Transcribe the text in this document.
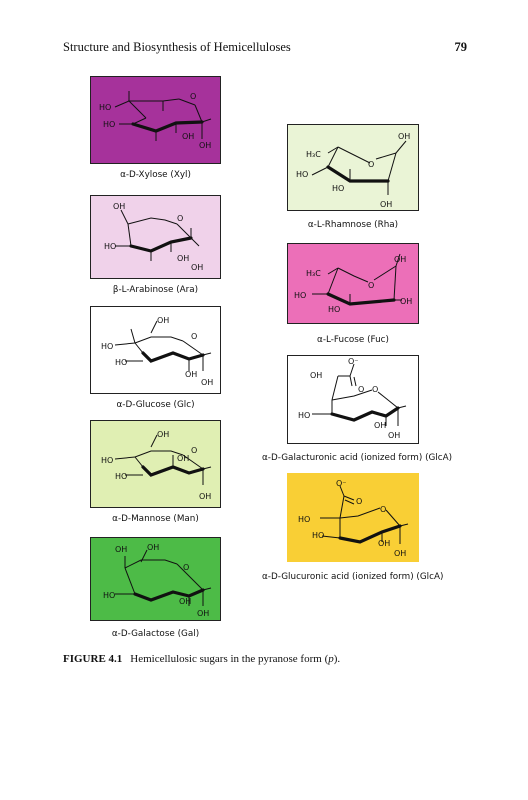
Structure and Biosynthesis of Hemicelluloses	79
HO
HO
O
OH
OH
α-D-Xylose (Xyl)
OH
HO
O
OH
OH
β-L-Arabinose (Ara)
OH
HO
HO
O
OH
OH
α-D-Glucose (Glc)
OH
HO
HO
O
OH
OH
α-D-Mannose (Man)
OH OH
HO
O
OH
OH
α-D-Galactose (Gal)
H₃C
HO
HO
O
OH
OH
α-L-Rhamnose (Rha)
H₃C
HO
HO
O
OH
OH
α-L-Fucose (Fuc)
OH
O⁻
O O
HO
OH
OH
α-D-Galacturonic acid (ionized form) (GlcA)
O⁻
O
O
HO
HO
OH
OH
α-D-Glucuronic acid (ionized form) (GlcA)
FIGURE 4.1 Hemicellulosic sugars in the pyranose form (p).
